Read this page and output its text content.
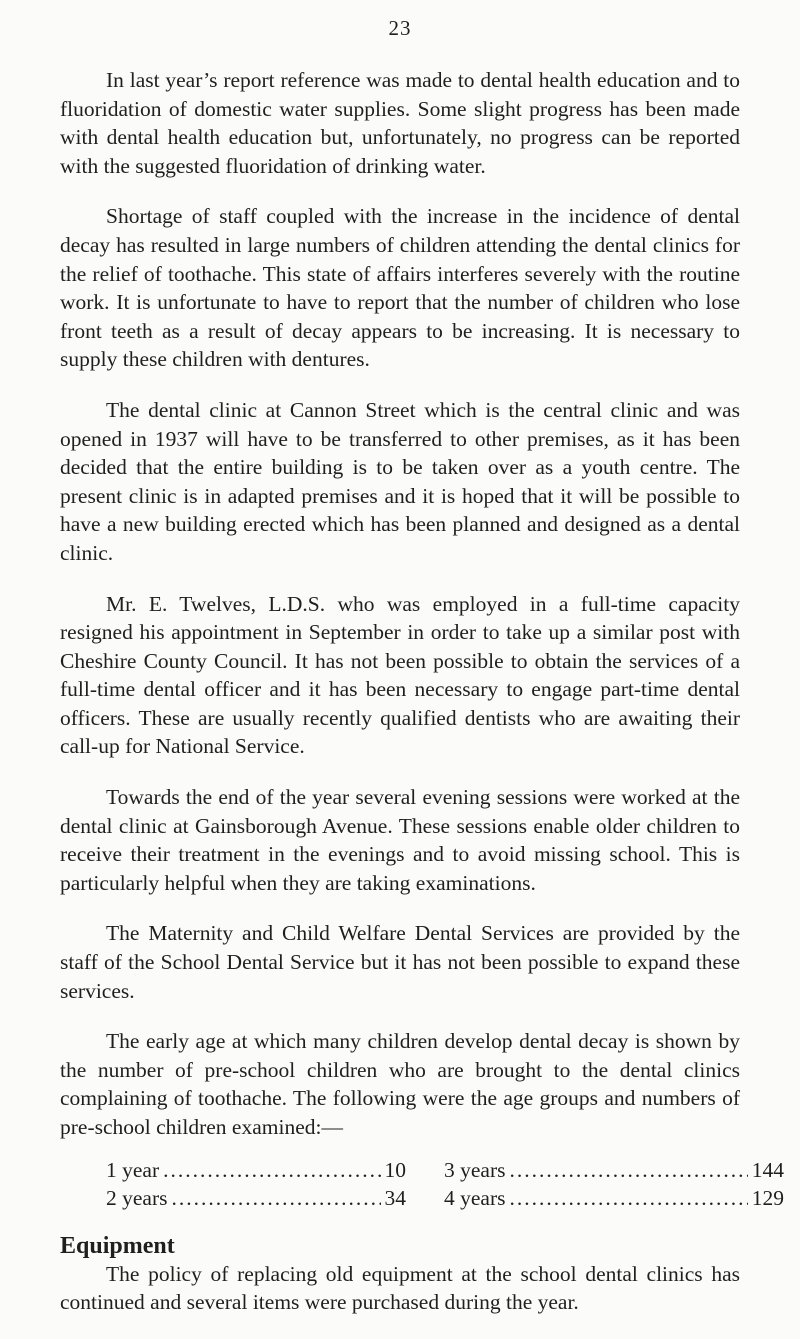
23

In last year’s report reference was made to dental health education and to fluoridation of domestic water supplies. Some slight progress has been made with dental health education but, unfortunately, no progress can be reported with the suggested fluoridation of drinking water.

Shortage of staff coupled with the increase in the incidence of dental decay has resulted in large numbers of children attending the dental clinics for the relief of toothache. This state of affairs interferes severely with the routine work. It is unfortunate to have to report that the number of children who lose front teeth as a result of decay appears to be increasing. It is necessary to supply these children with dentures.

The dental clinic at Cannon Street which is the central clinic and was opened in 1937 will have to be transferred to other premises, as it has been decided that the entire building is to be taken over as a youth centre. The present clinic is in adapted premises and it is hoped that it will be possible to have a new building erected which has been planned and designed as a dental clinic.

Mr. E. Twelves, L.D.S. who was employed in a full-time capacity resigned his appointment in September in order to take up a similar post with Cheshire County Council. It has not been possible to obtain the services of a full-time dental officer and it has been necessary to engage part-time dental officers. These are usually recently qualified dentists who are awaiting their call-up for National Service.

Towards the end of the year several evening sessions were worked at the dental clinic at Gainsborough Avenue. These sessions enable older children to receive their treatment in the evenings and to avoid missing school. This is particularly helpful when they are taking examinations.

The Maternity and Child Welfare Dental Services are provided by the staff of the School Dental Service but it has not been possible to expand these services.

The early age at which many children develop dental decay is shown by the number of pre-school children who are brought to the dental clinics complaining of toothache. The following were the age groups and numbers of pre-school children examined:—

1 year .....	10 3 years .....	144
2 years .....	34 4 years .....	129
Equipment

The policy of replacing old equipment at the school dental clinics has continued and several items were purchased during the year.
